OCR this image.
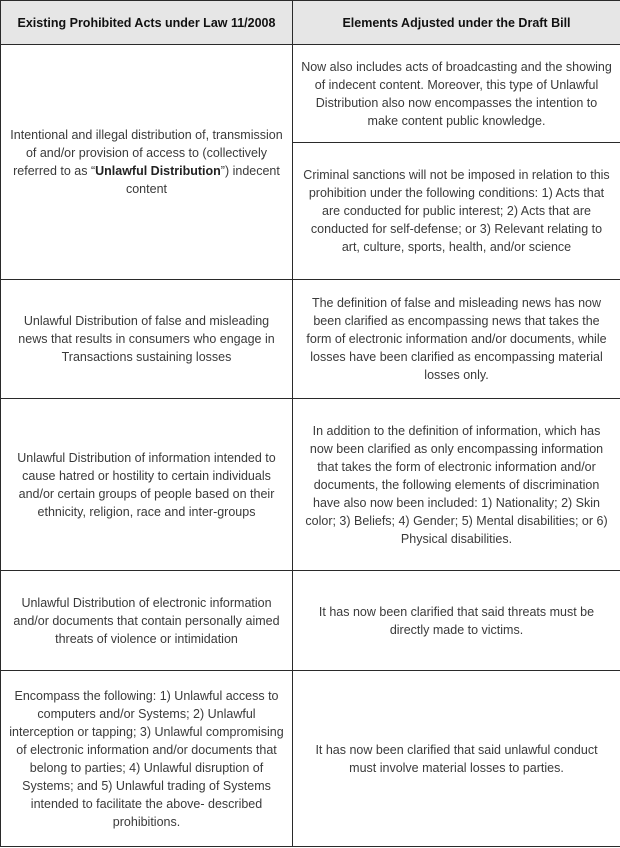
Existing Prohibited Acts under Law 11/2008	Elements Adjusted under the Draft Bill

Intentional and illegal distribution of, transmission of and/or provision of access to (collectively referred to as “Unlawful Distribution”) indecent content	Now also includes acts of broadcasting and the showing of indecent content. Moreover, this type of Unlawful Distribution also now encompasses the intention to make content public knowledge.
	Criminal sanctions will not be imposed in relation to this prohibition under the following conditions: 1) Acts that are conducted for public interest; 2) Acts that are conducted for self-defense; or 3) Relevant relating to art, culture, sports, health, and/or science
Unlawful Distribution of false and misleading news that results in consumers who engage in Transactions sustaining losses	The definition of false and misleading news has now been clarified as encompassing news that takes the form of electronic information and/or documents, while losses have been clarified as encompassing material losses only.
Unlawful Distribution of information intended to cause hatred or hostility to certain individuals and/or certain groups of people based on their ethnicity, religion, race and inter-groups	In addition to the definition of information, which has now been clarified as only encompassing information that takes the form of electronic information and/or documents, the following elements of discrimination have also now been included: 1) Nationality; 2) Skin color; 3) Beliefs; 4) Gender; 5) Mental disabilities; or 6) Physical disabilities.
Unlawful Distribution of electronic information and/or documents that contain personally aimed threats of violence or intimidation	It has now been clarified that said threats must be directly made to victims.
Encompass the following: 1) Unlawful access to computers and/or Systems; 2) Unlawful interception or tapping; 3) Unlawful compromising of electronic information and/or documents that belong to parties; 4) Unlawful disruption of Systems; and 5) Unlawful trading of Systems intended to facilitate the above- described prohibitions.	It has now been clarified that said unlawful conduct must involve material losses to parties.
